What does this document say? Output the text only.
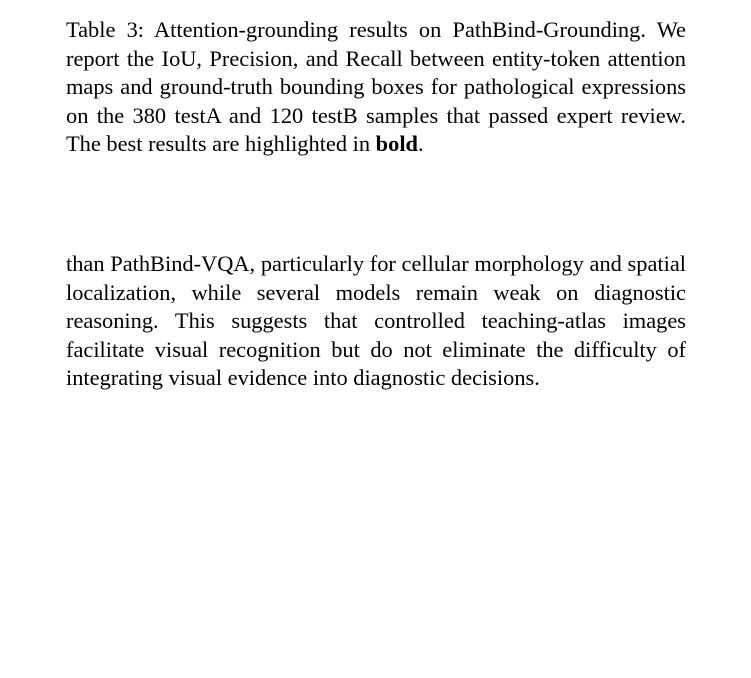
Table 3: Attention-grounding results on PathBind-Grounding. We report the IoU, Precision, and Recall between entity-token attention maps and ground-truth bounding boxes for pathological expressions on the 380 testA and 120 testB samples that passed expert review. The best results are highlighted in bold.

than PathBind-VQA, particularly for cellular morphology and spatial localization, while several models remain weak on diagnostic reasoning. This suggests that controlled teaching-atlas images facilitate visual recognition but do not eliminate the difficulty of integrating visual evidence into diagnostic decisions.
